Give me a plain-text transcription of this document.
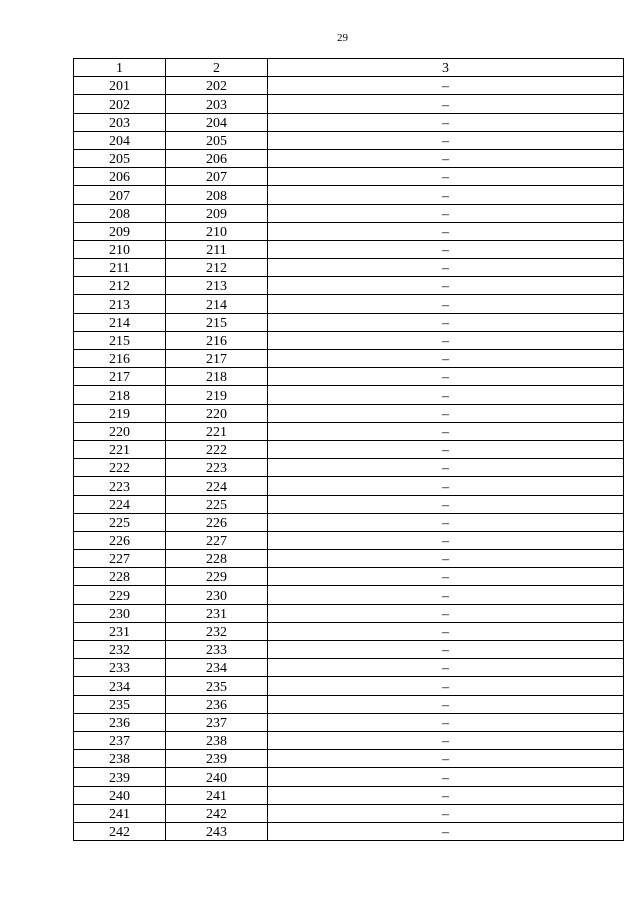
29
1	2	3
201	202	–
202	203	–
203	204	–
204	205	–
205	206	–
206	207	–
207	208	–
208	209	–
209	210	–
210	211	–
211	212	–
212	213	–
213	214	–
214	215	–
215	216	–
216	217	–
217	218	–
218	219	–
219	220	–
220	221	–
221	222	–
222	223	–
223	224	–
224	225	–
225	226	–
226	227	–
227	228	–
228	229	–
229	230	–
230	231	–
231	232	–
232	233	–
233	234	–
234	235	–
235	236	–
236	237	–
237	238	–
238	239	–
239	240	–
240	241	–
241	242	–
242	243	–
